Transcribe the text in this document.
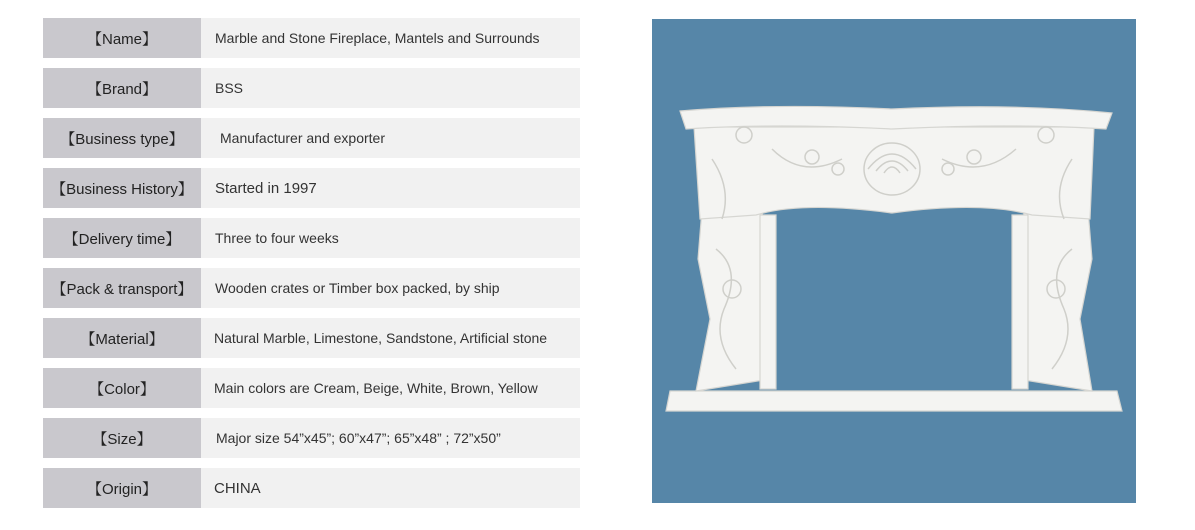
【Name】	Marble and Stone Fireplace, Mantels and Surrounds
【Brand】	BSS
【Business type】	Manufacturer and exporter
【Business History】	Started in 1997
【Delivery time】	Three to four weeks
【Pack & transport】	Wooden crates or Timber box packed, by ship
【Material】	Natural Marble, Limestone, Sandstone, Artificial stone
【Color】	Main colors are Cream, Beige, White, Brown, Yellow
【Size】	Major size 54”x45”; 60”x47”; 65”x48” ; 72”x50”
【Origin】	CHINA
